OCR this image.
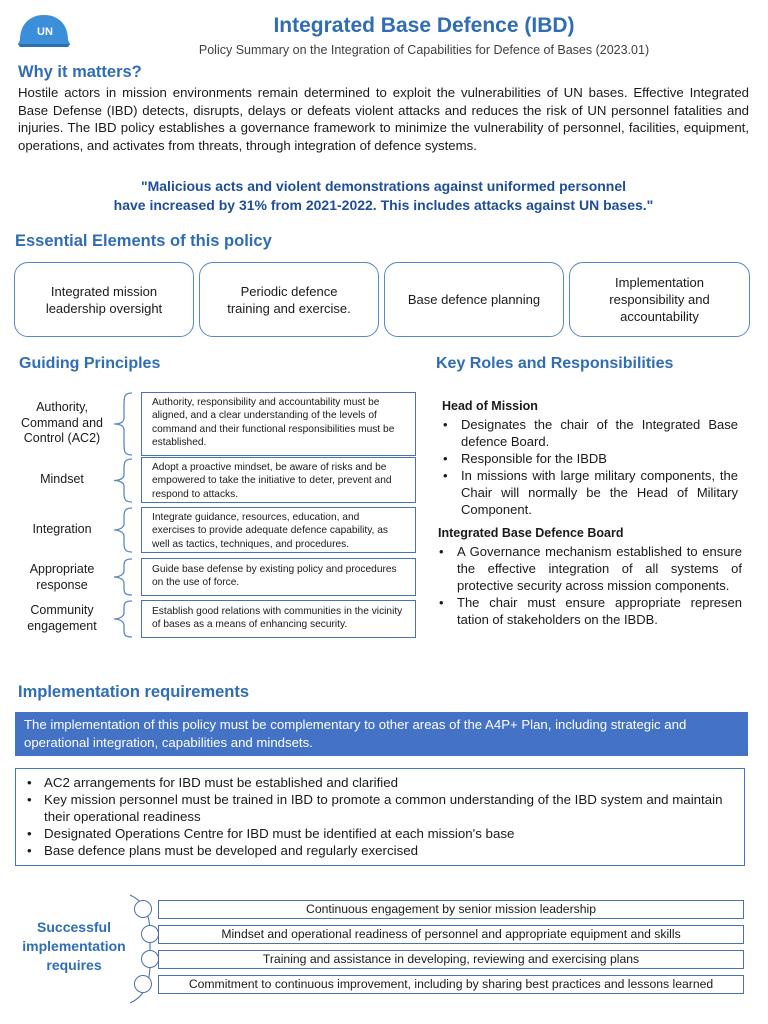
UN	Integrated Base Defence (IBD)
Policy Summary on the Integration of Capabilities for Defence of Bases (2023.01)
Why it matters?
Hostile actors in mission environments remain determined to exploit the vulnerabilities of UN bases. Effective Integrated Base Defense (IBD) detects, disrupts, delays or defeats violent attacks and reduces the risk of UN personnel fatalities and injuries. The IBD policy establishes a governance framework to minimize the vulnerability of personnel, facilities, equipment, operations, and activates from threats, through integration of defence systems.
"Malicious acts and violent demonstrations against uniformed personnel
have increased by 31% from 2021-2022. This includes attacks against UN bases."
Essential Elements of this policy
Integrated mission leadership oversight
Periodic defence training and exercise.
Base defence planning
Implementation responsibility and accountability
Guiding Principles
Authority, Command and Control (AC2)
Authority, responsibility and accountability must be aligned, and a clear understanding of the levels of command and their functional responsibilities must be established.
Mindset
Adopt a proactive mindset, be aware of risks and be empowered to take the initiative to deter, prevent and respond to attacks.
Integration
Integrate guidance, resources, education, and exercises to provide adequate defence capability, as well as tactics, techniques, and procedures.
Appropriate response
Guide base defense by existing policy and procedures on the use of force.
Community engagement
Establish good relations with communities in the vicinity of bases as a means of enhancing security.
Key Roles and Responsibilities
Head of Mission
• Designates the chair of the Integrated Base defence Board.
• Responsible for the IBDB
• In missions with large military components, the Chair will normally be the Head of Military Component.
Integrated Base Defence Board
• A Governance mechanism established to ensure the effective integration of all systems of protective security across mission components.
• The chair must ensure appropriate represen tation of stakeholders on the IBDB.
Implementation requirements
The implementation of this policy must be complementary to other areas of the A4P+ Plan, including strategic and operational integration, capabilities and mindsets.
• AC2 arrangements for IBD must be established and clarified
• Key mission personnel must be trained in IBD to promote a common understanding of the IBD system and maintain their operational readiness
• Designated Operations Centre for IBD must be identified at each mission's base
• Base defence plans must be developed and regularly exercised
Successful implementation requires
Continuous engagement by senior mission leadership
Mindset and operational readiness of personnel and appropriate equipment and skills
Training and assistance in developing, reviewing and exercising plans
Commitment to continuous improvement, including by sharing best practices and lessons learned
